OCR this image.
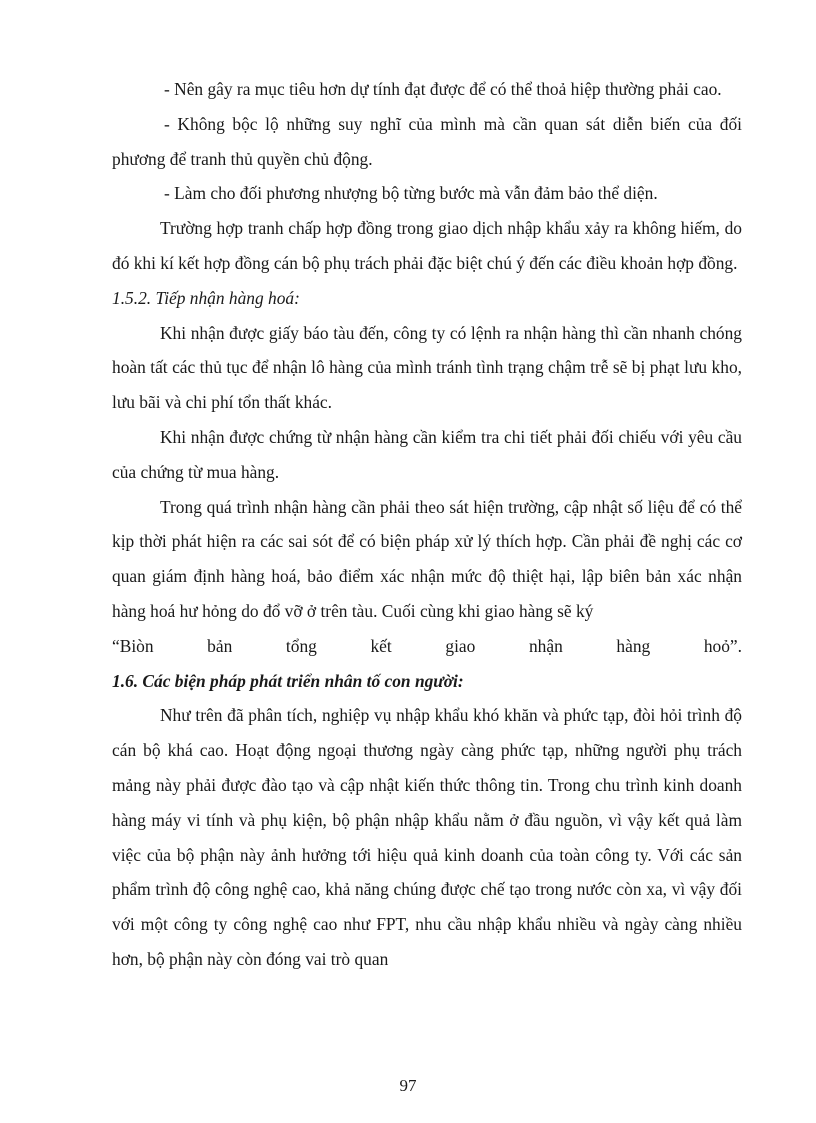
- Nên gây ra mục tiêu hơn dự tính đạt được để có thể thoả hiệp thường phải cao.

- Không bộc lộ những suy nghĩ của mình mà cần quan sát diễn biến của đối phương để tranh thủ quyền chủ động.

- Làm cho đối phương nhượng bộ từng bước mà vẫn đảm bảo thể diện.

Trường hợp tranh chấp hợp đồng trong giao dịch nhập khẩu xảy ra không hiếm, do đó khi kí kết hợp đồng cán bộ phụ trách phải đặc biệt chú ý đến các điều khoản hợp đồng.

1.5.2. Tiếp nhận hàng hoá:

Khi nhận được giấy báo tàu đến, công ty có lệnh ra nhận hàng thì cần nhanh chóng hoàn tất các thủ tục để nhận lô hàng của mình tránh tình trạng chậm trễ sẽ bị phạt lưu kho, lưu bãi và chi phí tổn thất khác.

Khi nhận được chứng từ nhận hàng cần kiểm tra chi tiết phải đối chiếu với yêu cầu của chứng từ mua hàng.

Trong quá trình nhận hàng cần phải theo sát hiện trường, cập nhật số liệu để có thể kịp thời phát hiện ra các sai sót để có biện pháp xử lý thích hợp. Cần phải đề nghị các cơ quan giám định hàng hoá, bảo điểm xác nhận mức độ thiệt hại, lập biên bản xác nhận hàng hoá hư hỏng do đổ vỡ ở trên tàu. Cuối cùng khi giao hàng sẽ ký

“Biòn bản tổng kết giao nhận hàng hoỏ”.

1.6. Các biện pháp phát triển nhân tố con người:

Như trên đã phân tích, nghiệp vụ nhập khẩu khó khăn và phức tạp, đòi hỏi trình độ cán bộ khá cao. Hoạt động ngoại thương ngày càng phức tạp, những người phụ trách mảng này phải được đào tạo và cập nhật kiến thức thông tin. Trong chu trình kinh doanh hàng máy vi tính và phụ kiện, bộ phận nhập khẩu nằm ở đầu nguồn, vì vậy kết quả làm việc của bộ phận này ảnh hưởng tới hiệu quả kinh doanh của toàn công ty. Với các sản phẩm trình độ công nghệ cao, khả năng chúng được chế tạo trong nước còn xa, vì vậy đối với một công ty công nghệ cao như FPT, nhu cầu nhập khẩu nhiều và ngày càng nhiều hơn, bộ phận này còn đóng vai trò quan

97
